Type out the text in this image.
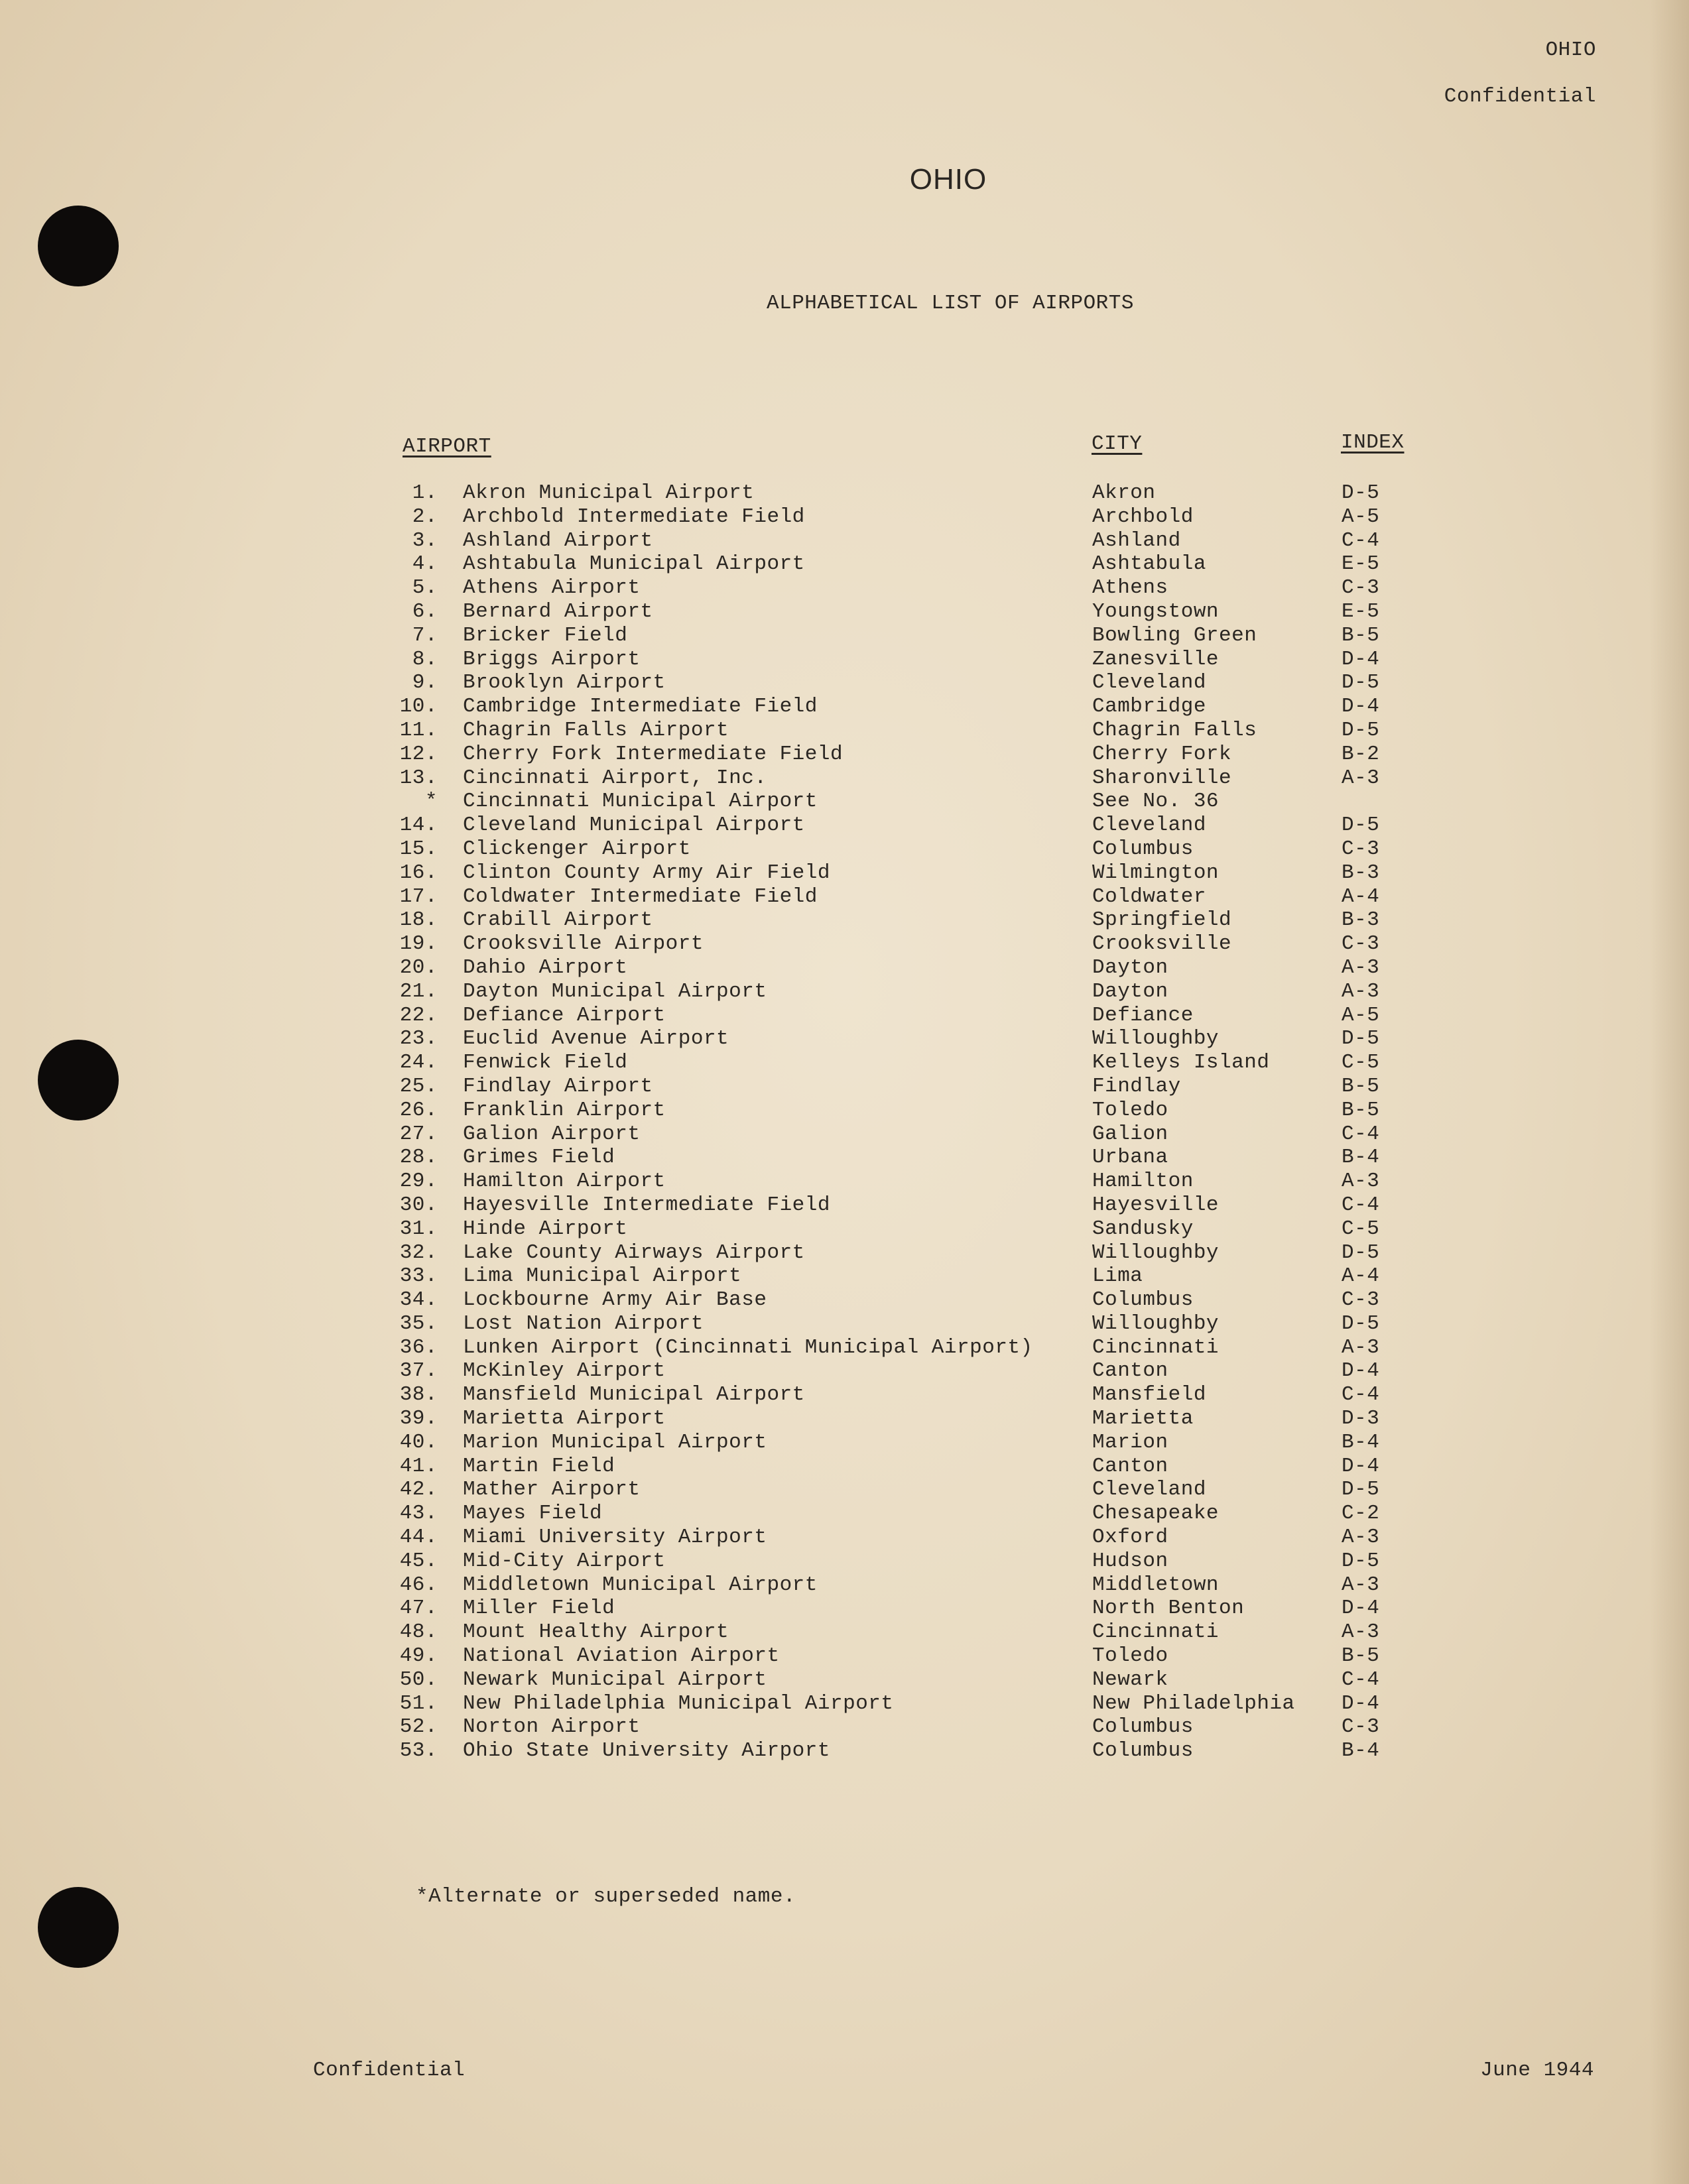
OHIO
Confidential
OHIO
ALPHABETICAL LIST OF AIRPORTS
AIRPORT	CITY	INDEX
1. Akron Municipal Airport	Akron	D-5
2. Archbold Intermediate Field	Archbold	A-5
3. Ashland Airport	Ashland	C-4
4. Ashtabula Municipal Airport	Ashtabula	E-5
5. Athens Airport	Athens	C-3
6. Bernard Airport	Youngstown	E-5
7. Bricker Field	Bowling Green	B-5
8. Briggs Airport	Zanesville	D-4
9. Brooklyn Airport	Cleveland	D-5
10. Cambridge Intermediate Field	Cambridge	D-4
11. Chagrin Falls Airport	Chagrin Falls	D-5
12. Cherry Fork Intermediate Field	Cherry Fork	B-2
13. Cincinnati Airport, Inc.	Sharonville	A-3
* Cincinnati Municipal Airport	See No. 36
14. Cleveland Municipal Airport	Cleveland	D-5
15. Clickenger Airport	Columbus	C-3
16. Clinton County Army Air Field	Wilmington	B-3
17. Coldwater Intermediate Field	Coldwater	A-4
18. Crabill Airport	Springfield	B-3
19. Crooksville Airport	Crooksville	C-3
20. Dahio Airport	Dayton	A-3
21. Dayton Municipal Airport	Dayton	A-3
22. Defiance Airport	Defiance	A-5
23. Euclid Avenue Airport	Willoughby	D-5
24. Fenwick Field	Kelleys Island	C-5
25. Findlay Airport	Findlay	B-5
26. Franklin Airport	Toledo	B-5
27. Galion Airport	Galion	C-4
28. Grimes Field	Urbana	B-4
29. Hamilton Airport	Hamilton	A-3
30. Hayesville Intermediate Field	Hayesville	C-4
31. Hinde Airport	Sandusky	C-5
32. Lake County Airways Airport	Willoughby	D-5
33. Lima Municipal Airport	Lima	A-4
34. Lockbourne Army Air Base	Columbus	C-3
35. Lost Nation Airport	Willoughby	D-5
36. Lunken Airport (Cincinnati Municipal Airport)	Cincinnati	A-3
37. McKinley Airport	Canton	D-4
38. Mansfield Municipal Airport	Mansfield	C-4
39. Marietta Airport	Marietta	D-3
40. Marion Municipal Airport	Marion	B-4
41. Martin Field	Canton	D-4
42. Mather Airport	Cleveland	D-5
43. Mayes Field	Chesapeake	C-2
44. Miami University Airport	Oxford	A-3
45. Mid-City Airport	Hudson	D-5
46. Middletown Municipal Airport	Middletown	A-3
47. Miller Field	North Benton	D-4
48. Mount Healthy Airport	Cincinnati	A-3
49. National Aviation Airport	Toledo	B-5
50. Newark Municipal Airport	Newark	C-4
51. New Philadelphia Municipal Airport	New Philadelphia D-4
52. Norton Airport	Columbus	C-3
53. Ohio State University Airport	Columbus	B-4
*Alternate or superseded name.
Confidential	June 1944
